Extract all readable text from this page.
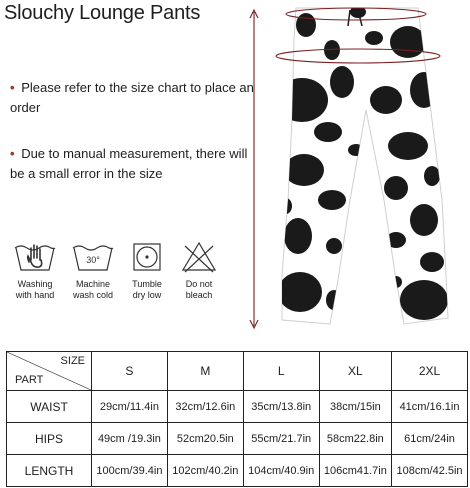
Slouchy Lounge Pants
• Please refer to the size chart to place an order
• Due to manual measurement, there will be a small error in the size
Washing
with hand
30°
Machine
wash cold
Tumble
dry low
Do not
bleach
SIZE
PART	S	M	L	XL	2XL
WAIST	29cm/11.4in	32cm/12.6in	35cm/13.8in	38cm/15in	41cm/16.1in
HIPS	49cm /19.3in	52cm20.5in	55cm/21.7in	58cm22.8in	61cm/24in
LENGTH	100cm/39.4in	102cm/40.2in	104cm/40.9in	106cm41.7in	108cm/42.5in
